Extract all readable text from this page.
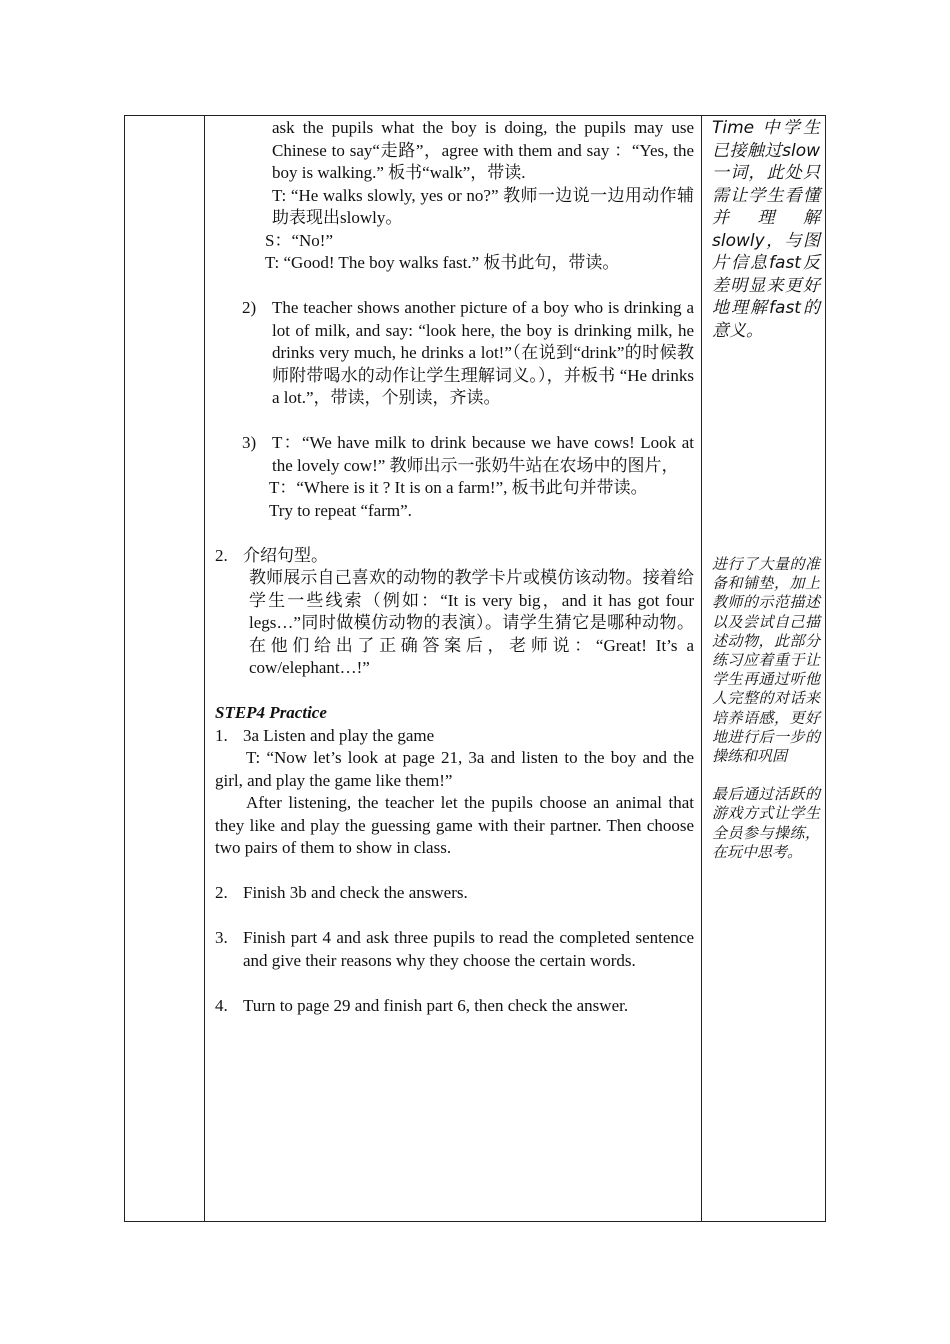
ask the pupils what the boy is doing, the pupils may use Chinese to say“走路”，agree with them and say ：“Yes, the boy is walking.” 板书“walk”，带读.

T: “He walks slowly, yes or no?” 教师一边说一边用动作辅助表现出slowly。

S：“No!”

T: “Good! The boy walks fast.” 板书此句，带读。

2) The teacher shows another picture of a boy who is drinking a lot of milk, and say: “look here, the boy is drinking milk, he drinks very much, he drinks a lot!”（在说到“drink”的时候教师附带喝水的动作让学生理解词义。），并板书 “He drinks a lot.”，带读，个别读，齐读。
3) T：“We have milk to drink because we have cows! Look at the lovely cow!” 教师出示一张奶牛站在农场中的图片，

T：“Where is it ? It is on a farm!”, 板书此句并带读。

Try to repeat “farm”.

2. 介绍句型。

教师展示自己喜欢的动物的教学卡片或模仿该动物。接着给学生一些线索（例如：“It is very big，and it has got four legs…”同时做模仿动物的表演）。请学生猜它是哪种动物。在他们给出了正确答案后，老师说：“Great! It’s a cow/elephant…!”

STEP4 Practice

1. 3a Listen and play the game

T: “Now let’s look at page 21, 3a and listen to the boy and the girl, and play the game like them!”

After listening, the teacher let the pupils choose an animal that they like and play the guessing game with their partner. Then choose two pairs of them to show in class.

2. Finish 3b and check the answers.
3. Finish part 4 and ask three pupils to read the completed sentence and give their reasons why they choose the certain words.
4. Turn to page 29 and finish part 6, then check the answer.

Time 中学生已接触过slow一词，此处只需让学生看懂并理解slowly，与图片信息fast反差明显来更好地理解fast的意义。

进行了大量的准备和铺垫，加上教师的示范描述以及尝试自己描述动物，此部分练习应着重于让学生再通过听他人完整的对话来培养语感，更好地进行后一步的操练和巩固

最后通过活跃的游戏方式让学生全员参与操练，在玩中思考。
